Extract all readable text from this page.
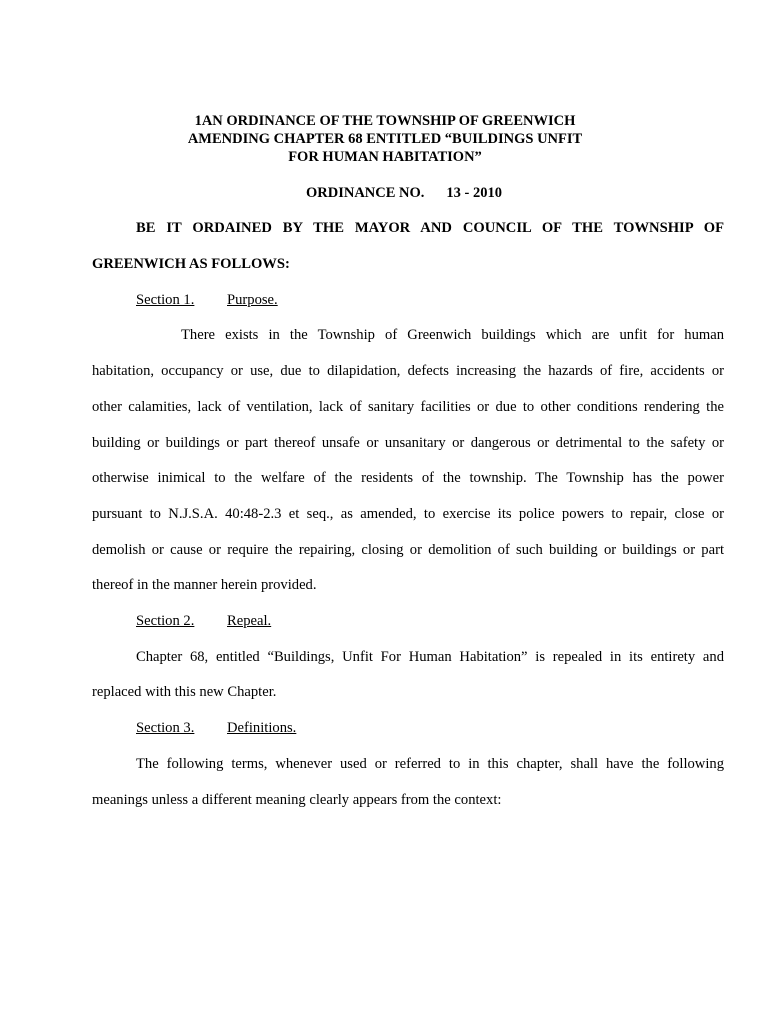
1AN ORDINANCE OF THE TOWNSHIP OF GREENWICH
AMENDING CHAPTER 68 ENTITLED “BUILDINGS UNFIT
FOR HUMAN HABITATION”
ORDINANCE NO. 13 - 2010
BE IT ORDAINED BY THE MAYOR AND COUNCIL OF THE TOWNSHIP OF
GREENWICH AS FOLLOWS:
Section 1. Purpose.
There exists in the Township of Greenwich buildings which are unfit for human
habitation, occupancy or use, due to dilapidation, defects increasing the hazards of fire, accidents or
other calamities, lack of ventilation, lack of sanitary facilities or due to other conditions rendering the
building or buildings or part thereof unsafe or unsanitary or dangerous or detrimental to the safety or
otherwise inimical to the welfare of the residents of the township. The Township has the power
pursuant to N.J.S.A. 40:48-2.3 et seq., as amended, to exercise its police powers to repair, close or
demolish or cause or require the repairing, closing or demolition of such building or buildings or part
thereof in the manner herein provided.
Section 2. Repeal.
Chapter 68, entitled “Buildings, Unfit For Human Habitation” is repealed in its entirety and
replaced with this new Chapter.
Section 3. Definitions.
The following terms, whenever used or referred to in this chapter, shall have the following
meanings unless a different meaning clearly appears from the context:
